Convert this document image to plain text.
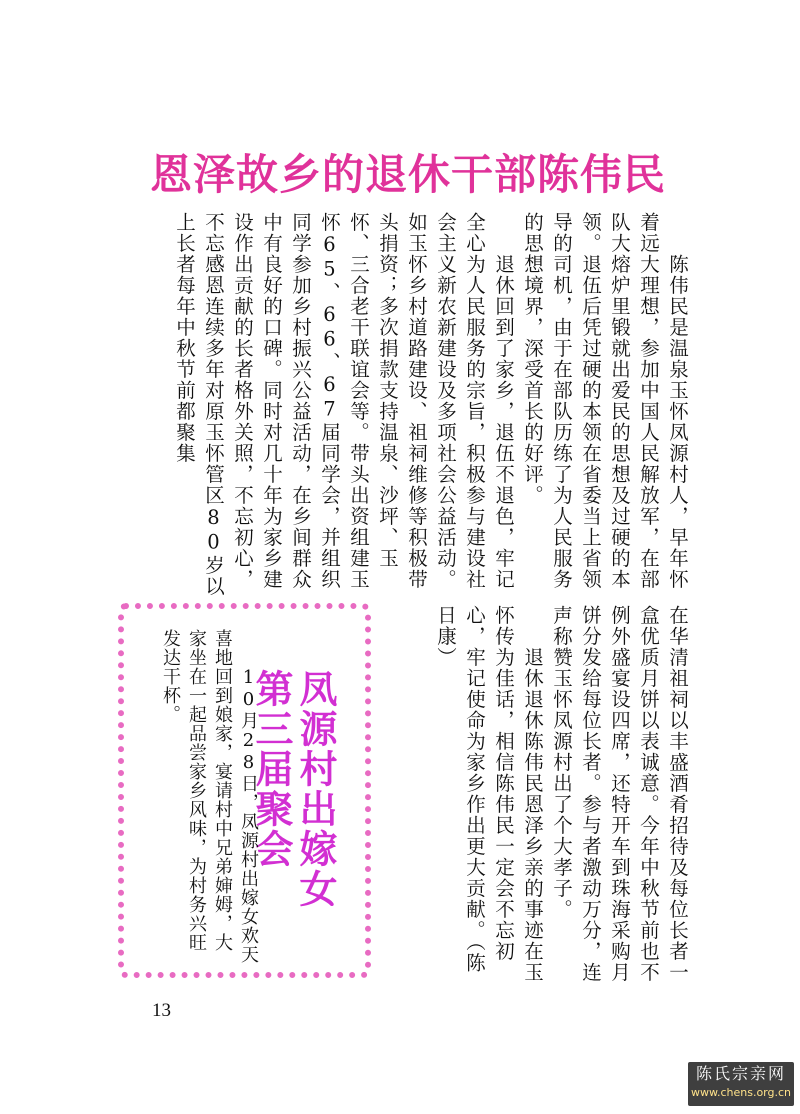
恩泽故乡的退休干部陈伟民

　　陈伟民是温泉玉怀凤源村人，早年怀着远大理想，参加中国人民解放军，在部队大熔炉里锻就出爱民的思想及过硬的本领。退伍后凭过硬的本领在省委当上省领导的司机，由于在部队历练了为人民服务的思想境界，深受首长的好评。

　　退休回到了家乡，退伍不退色，牢记全心为人民服务的宗旨，积极参与建设社会主义新农新建设及多项社会公益活动。如玉怀乡村道路建设、祖祠维修等积极带头捐资；多次捐款支持温泉、沙坪、玉怀、三合老干联谊会等。带头出资组建玉怀65、66、67届同学会，并组织同学参加乡村振兴公益活动，在乡间群众中有良好的口碑。同时对几十年为家乡建设作出贡献的长者格外关照，不忘初心，不忘感恩连续多年对原玉怀管区80岁以上长者每年中秋节前都聚集

在华清祖祠以丰盛酒肴招待及每位长者一盒优质月饼以表诚意。今年中秋节前也不例外盛宴设四席，还特开车到珠海采购月饼分发给每位长者。参与者激动万分，连声称赞玉怀凤源村出了个大孝子。

　　退休退休陈伟民恩泽乡亲的事迹在玉怀传为佳话，相信陈伟民一定会不忘初心，牢记使命为家乡作出更大贡献。（陈日康）

凤源村出嫁女第三届聚会
　　10月28日，凤源村出嫁女欢天喜地回到娘家，宴请村中兄弟婶姆，大家坐在一起品尝家乡风味，为村务兴旺发达干杯。
13
陈氏宗亲网
www.chens.org.cn
